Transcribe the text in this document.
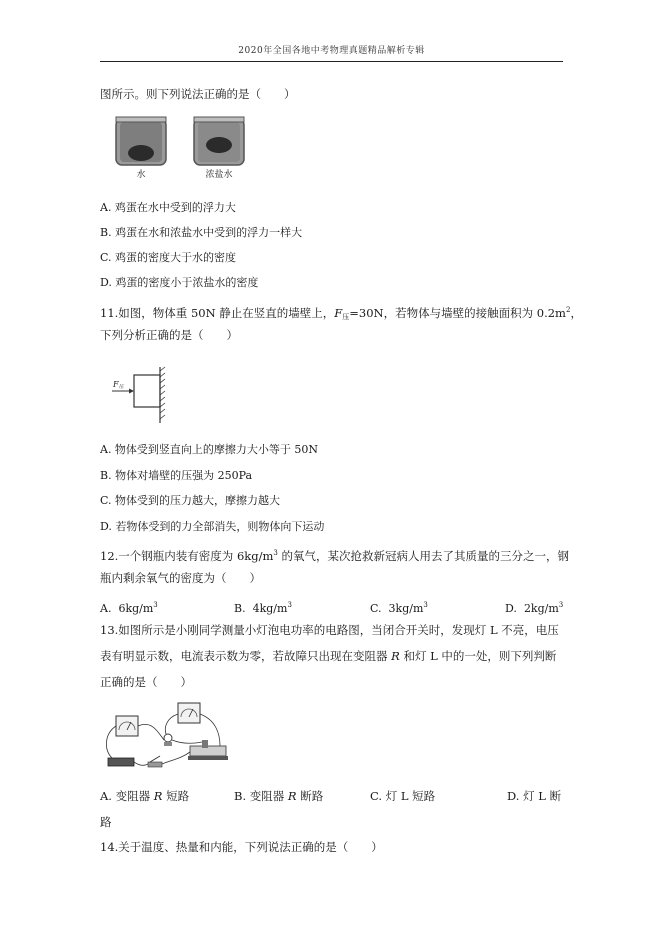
2020年全国各地中考物理真题精品解析专辑
图所示。则下列说法正确的是（　　）
水	浓盐水
A. 鸡蛋在水中受到的浮力大
B. 鸡蛋在水和浓盐水中受到的浮力一样大
C. 鸡蛋的密度大于水的密度
D. 鸡蛋的密度小于浓盐水的密度
11.如图，物体重 50N 静止在竖直的墙壁上，$F_压=30N$，若物体与墙壁的接触面积为 $0.2m^2$，
下列分析正确的是（　　）
F压
A. 物体受到竖直向上的摩擦力大小等于 50N
B. 物体对墙壁的压强为 250Pa
C. 物体受到的压力越大，摩擦力越大
D. 若物体受到的力全部消失，则物体向下运动
12.一个钢瓶内装有密度为 $6kg/m^3$ 的氧气，某次抢救新冠病人用去了其质量的三分之一，钢
瓶内剩余氧气的密度为（　　）
A. $6kg/m^3$	B. $4kg/m^3$	C. $3kg/m^3$	D. $2kg/m^3$
13.如图所示是小刚同学测量小灯泡电功率的电路图，当闭合开关时，发现灯 L 不亮，电压
表有明显示数，电流表示数为零，若故障只出现在变阻器 R 和灯 L 中的一处，则下列判断
正确的是（　　）
A. 变阻器 R 短路	B. 变阻器 R 断路	C. 灯 L 短路	D. 灯 L 断
路
14.关于温度、热量和内能，下列说法正确的是（　　）
